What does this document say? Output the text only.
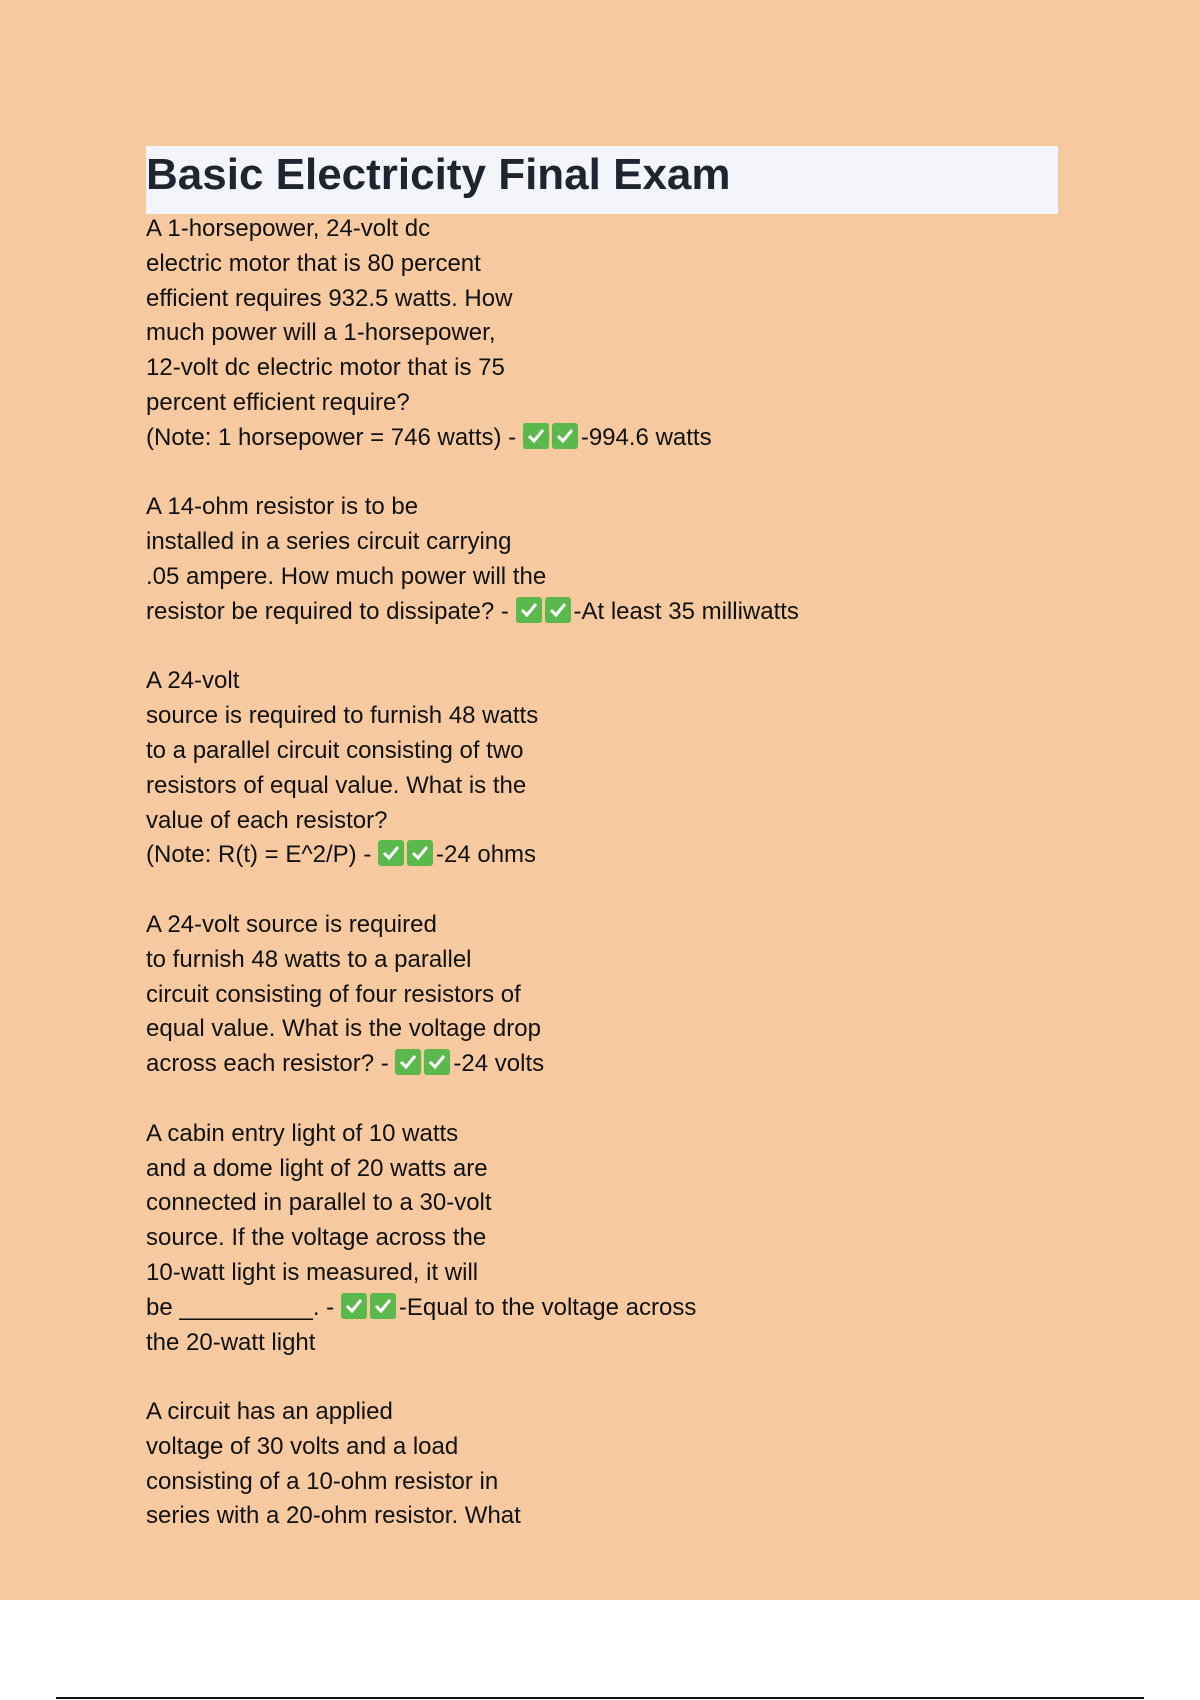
Basic Electricity Final Exam
A 1-horsepower, 24-volt dc
electric motor that is 80 percent
efficient requires 932.5 watts. How
much power will a 1-horsepower,
12-volt dc electric motor that is 75
percent efficient require?
(Note: 1 horsepower = 746 watts) -	-994.6 watts
A 14-ohm resistor is to be
installed in a series circuit carrying
.05 ampere. How much power will the
resistor be required to dissipate? -	-At least 35 milliwatts
A 24-volt
source is required to furnish 48 watts
to a parallel circuit consisting of two
resistors of equal value. What is the
value of each resistor?
(Note: R(t) = E^2/P) -	-24 ohms
A 24-volt source is required
to furnish 48 watts to a parallel
circuit consisting of four resistors of
equal value. What is the voltage drop
across each resistor? -	-24 volts
A cabin entry light of 10 watts
and a dome light of 20 watts are
connected in parallel to a 30-volt
source. If the voltage across the
10-watt light is measured, it will
be __________. -	-Equal to the voltage across
the 20-watt light
A circuit has an applied
voltage of 30 volts and a load
consisting of a 10-ohm resistor in
series with a 20-ohm resistor. What
